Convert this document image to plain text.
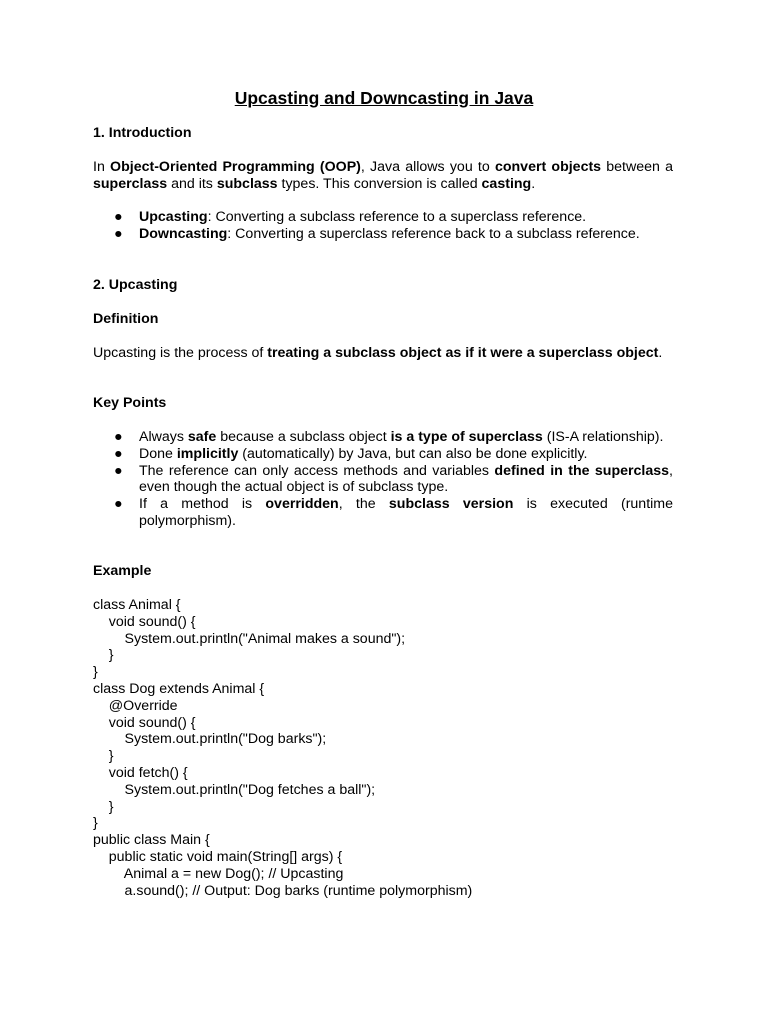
Upcasting and Downcasting in Java
1. Introduction

In Object-Oriented Programming (OOP), Java allows you to convert objects between a superclass and its subclass types. This conversion is called casting.

● Upcasting: Converting a subclass reference to a superclass reference.
● Downcasting: Converting a superclass reference back to a subclass reference.
2. Upcasting
Definition

Upcasting is the process of treating a subclass object as if it were a superclass object.

Key Points
● Always safe because a subclass object is a type of superclass (IS-A relationship).
● Done implicitly (automatically) by Java, but can also be done explicitly.
● The reference can only access methods and variables defined in the superclass, even though the actual object is of subclass type.
● If a method is overridden, the subclass version is executed (runtime polymorphism).
Example
class Animal {
void sound() {
System.out.println("Animal makes a sound");
}
}
class Dog extends Animal {
@Override
void sound() {
System.out.println("Dog barks");
}
void fetch() {
System.out.println("Dog fetches a ball");
}
}
public class Main {
public static void main(String[] args) {
Animal a = new Dog(); // Upcasting
a.sound(); // Output: Dog barks (runtime polymorphism)
